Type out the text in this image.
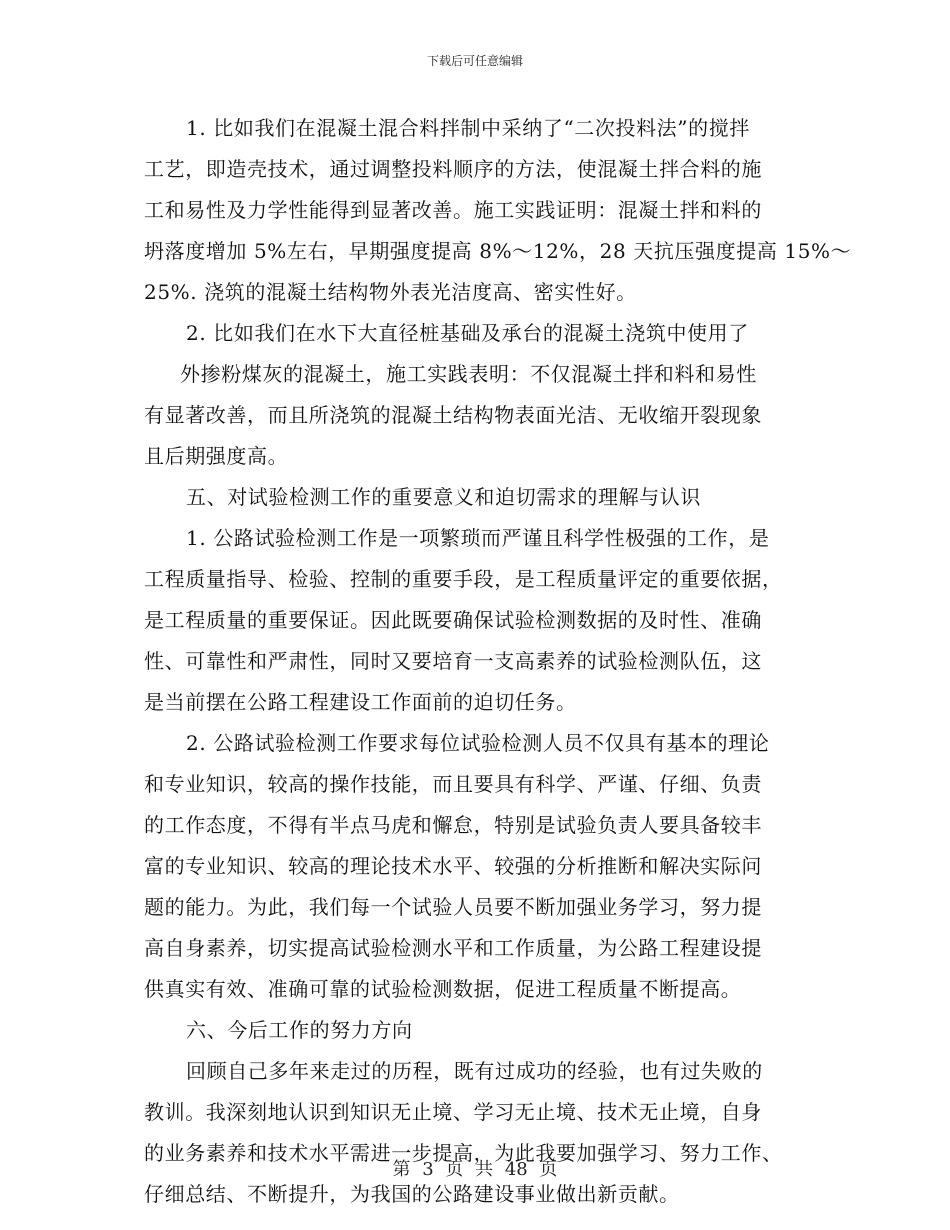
下载后可任意编辑
1. 比如我们在混凝土混合料拌制中采纳了“二次投料法”的搅拌
工艺，即造壳技术，通过调整投料顺序的方法，使混凝土拌合料的施
工和易性及力学性能得到显著改善。施工实践证明：混凝土拌和料的
坍落度增加 5%左右，早期强度提高 8%～12%，28 天抗压强度提高 15%～
25%. 浇筑的混凝土结构物外表光洁度高、密实性好。
2. 比如我们在水下大直径桩基础及承台的混凝土浇筑中使用了
外掺粉煤灰的混凝土，施工实践表明：不仅混凝土拌和料和易性
有显著改善，而且所浇筑的混凝土结构物表面光洁、无收缩开裂现象
且后期强度高。
五、对试验检测工作的重要意义和迫切需求的理解与认识
1. 公路试验检测工作是一项繁琐而严谨且科学性极强的工作，是
工程质量指导、检验、控制的重要手段，是工程质量评定的重要依据，
是工程质量的重要保证。因此既要确保试验检测数据的及时性、准确
性、可靠性和严肃性，同时又要培育一支高素养的试验检测队伍，这
是当前摆在公路工程建设工作面前的迫切任务。
2. 公路试验检测工作要求每位试验检测人员不仅具有基本的理论
和专业知识，较高的操作技能，而且要具有科学、严谨、仔细、负责
的工作态度，不得有半点马虎和懈怠，特别是试验负责人要具备较丰
富的专业知识、较高的理论技术水平、较强的分析推断和解决实际问
题的能力。为此，我们每一个试验人员要不断加强业务学习，努力提
高自身素养，切实提高试验检测水平和工作质量，为公路工程建设提
供真实有效、准确可靠的试验检测数据，促进工程质量不断提高。
六、今后工作的努力方向
回顾自己多年来走过的历程，既有过成功的经验，也有过失败的
教训。我深刻地认识到知识无止境、学习无止境、技术无止境，自身
的业务素养和技术水平需进一步提高，为此我要加强学习、努力工作、
仔细总结、不断提升，为我国的公路建设事业做出新贡献。
第 3 页 共 48 页
